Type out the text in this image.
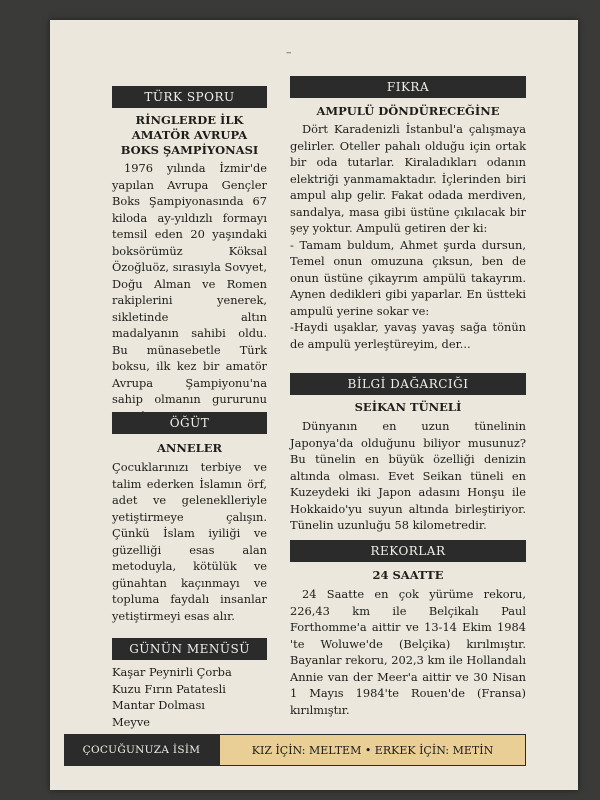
–
TÜRK SPORU
RİNGLERDE İLK
AMATÖR AVRUPA
BOKS ŞAMPİYONASI
1976 yılında İzmir'de yapılan Avrupa Gençler Boks Şampiyonasında 67 kiloda ay-yıldızlı formayı temsil eden 20 yaşındaki boksörümüz Köksal Özoğluöz, sırasıyla Sovyet, Doğu Alman ve Romen rakiplerini yenerek, sikletinde altın madalyanın sahibi oldu. Bu münasebetle Türk boksu, ilk kez bir amatör Avrupa Şampiyonu'na sahip olmanın gururunu
ÖĞÜT
ANNELER
Çocuklarınızı terbiye ve talim ederken İslamın örf, adet ve geleneklleriyle yetiştirmeye çalışın. Çünkü İslam iyiliği ve güzelliği esas alan metoduyla, kötülük ve günahtan kaçınmayı ve topluma faydalı insanlar yetiştirmeyi esas alır.
GÜNÜN MENÜSÜ

Kaşar Peynirli Çorba

Kuzu Fırın Patatesli

Mantar Dolması

Meyve

FIKRA
AMPULÜ DÖNDÜRECEĞİNE

Dört Karadenizli İstanbul'a çalışmaya gelirler. Oteller pahalı olduğu için ortak bir oda tutarlar. Kiraladıkları odanın elektriği yanmamaktadır. İçlerinden biri ampul alıp gelir. Fakat odada merdiven, sandalya, masa gibi üstüne çıkılacak bir şey yoktur. Ampulü getiren der ki:

- Tamam buldum, Ahmet şurda dursun, Temel onun omuzuna çıksun, ben de onun üstüne çikayrım ampülü takayrım. Aynen dedikleri gibi yaparlar. En üstteki ampulü yerine sokar ve:

-Haydi uşaklar, yavaş yavaş sağa tönün de ampulü yerleştüreyim, der...

BİLGİ DAĞARCIĞI
SEİKAN TÜNELİ
Dünyanın en uzun tünelinin Japonya'da olduğunu biliyor musunuz? Bu tünelin en büyük özelliği denizin altında olması. Evet Seikan tüneli en Kuzeydeki iki Japon adasını Honşu ile Hokkaido'yu suyun altında birleştiriyor. Tünelin uzunluğu 58 kilometredir.
REKORLAR
24 SAATTE
24 Saatte en çok yürüme rekoru, 226,43 km ile Belçikalı Paul Forthomme'a aittir ve 13-14 Ekim 1984 'te Woluwe'de (Belçika) kırılmıştır. Bayanlar rekoru, 202,3 km ile Hollandalı Annie van der Meer'a aittir ve 30 Nisan 1 Mayıs 1984'te Rouen'de (Fransa) kırılmıştır.
ÇOCUĞUNUZA İSİM	KIZ İÇİN: MELTEM • ERKEK İÇİN: METİN
